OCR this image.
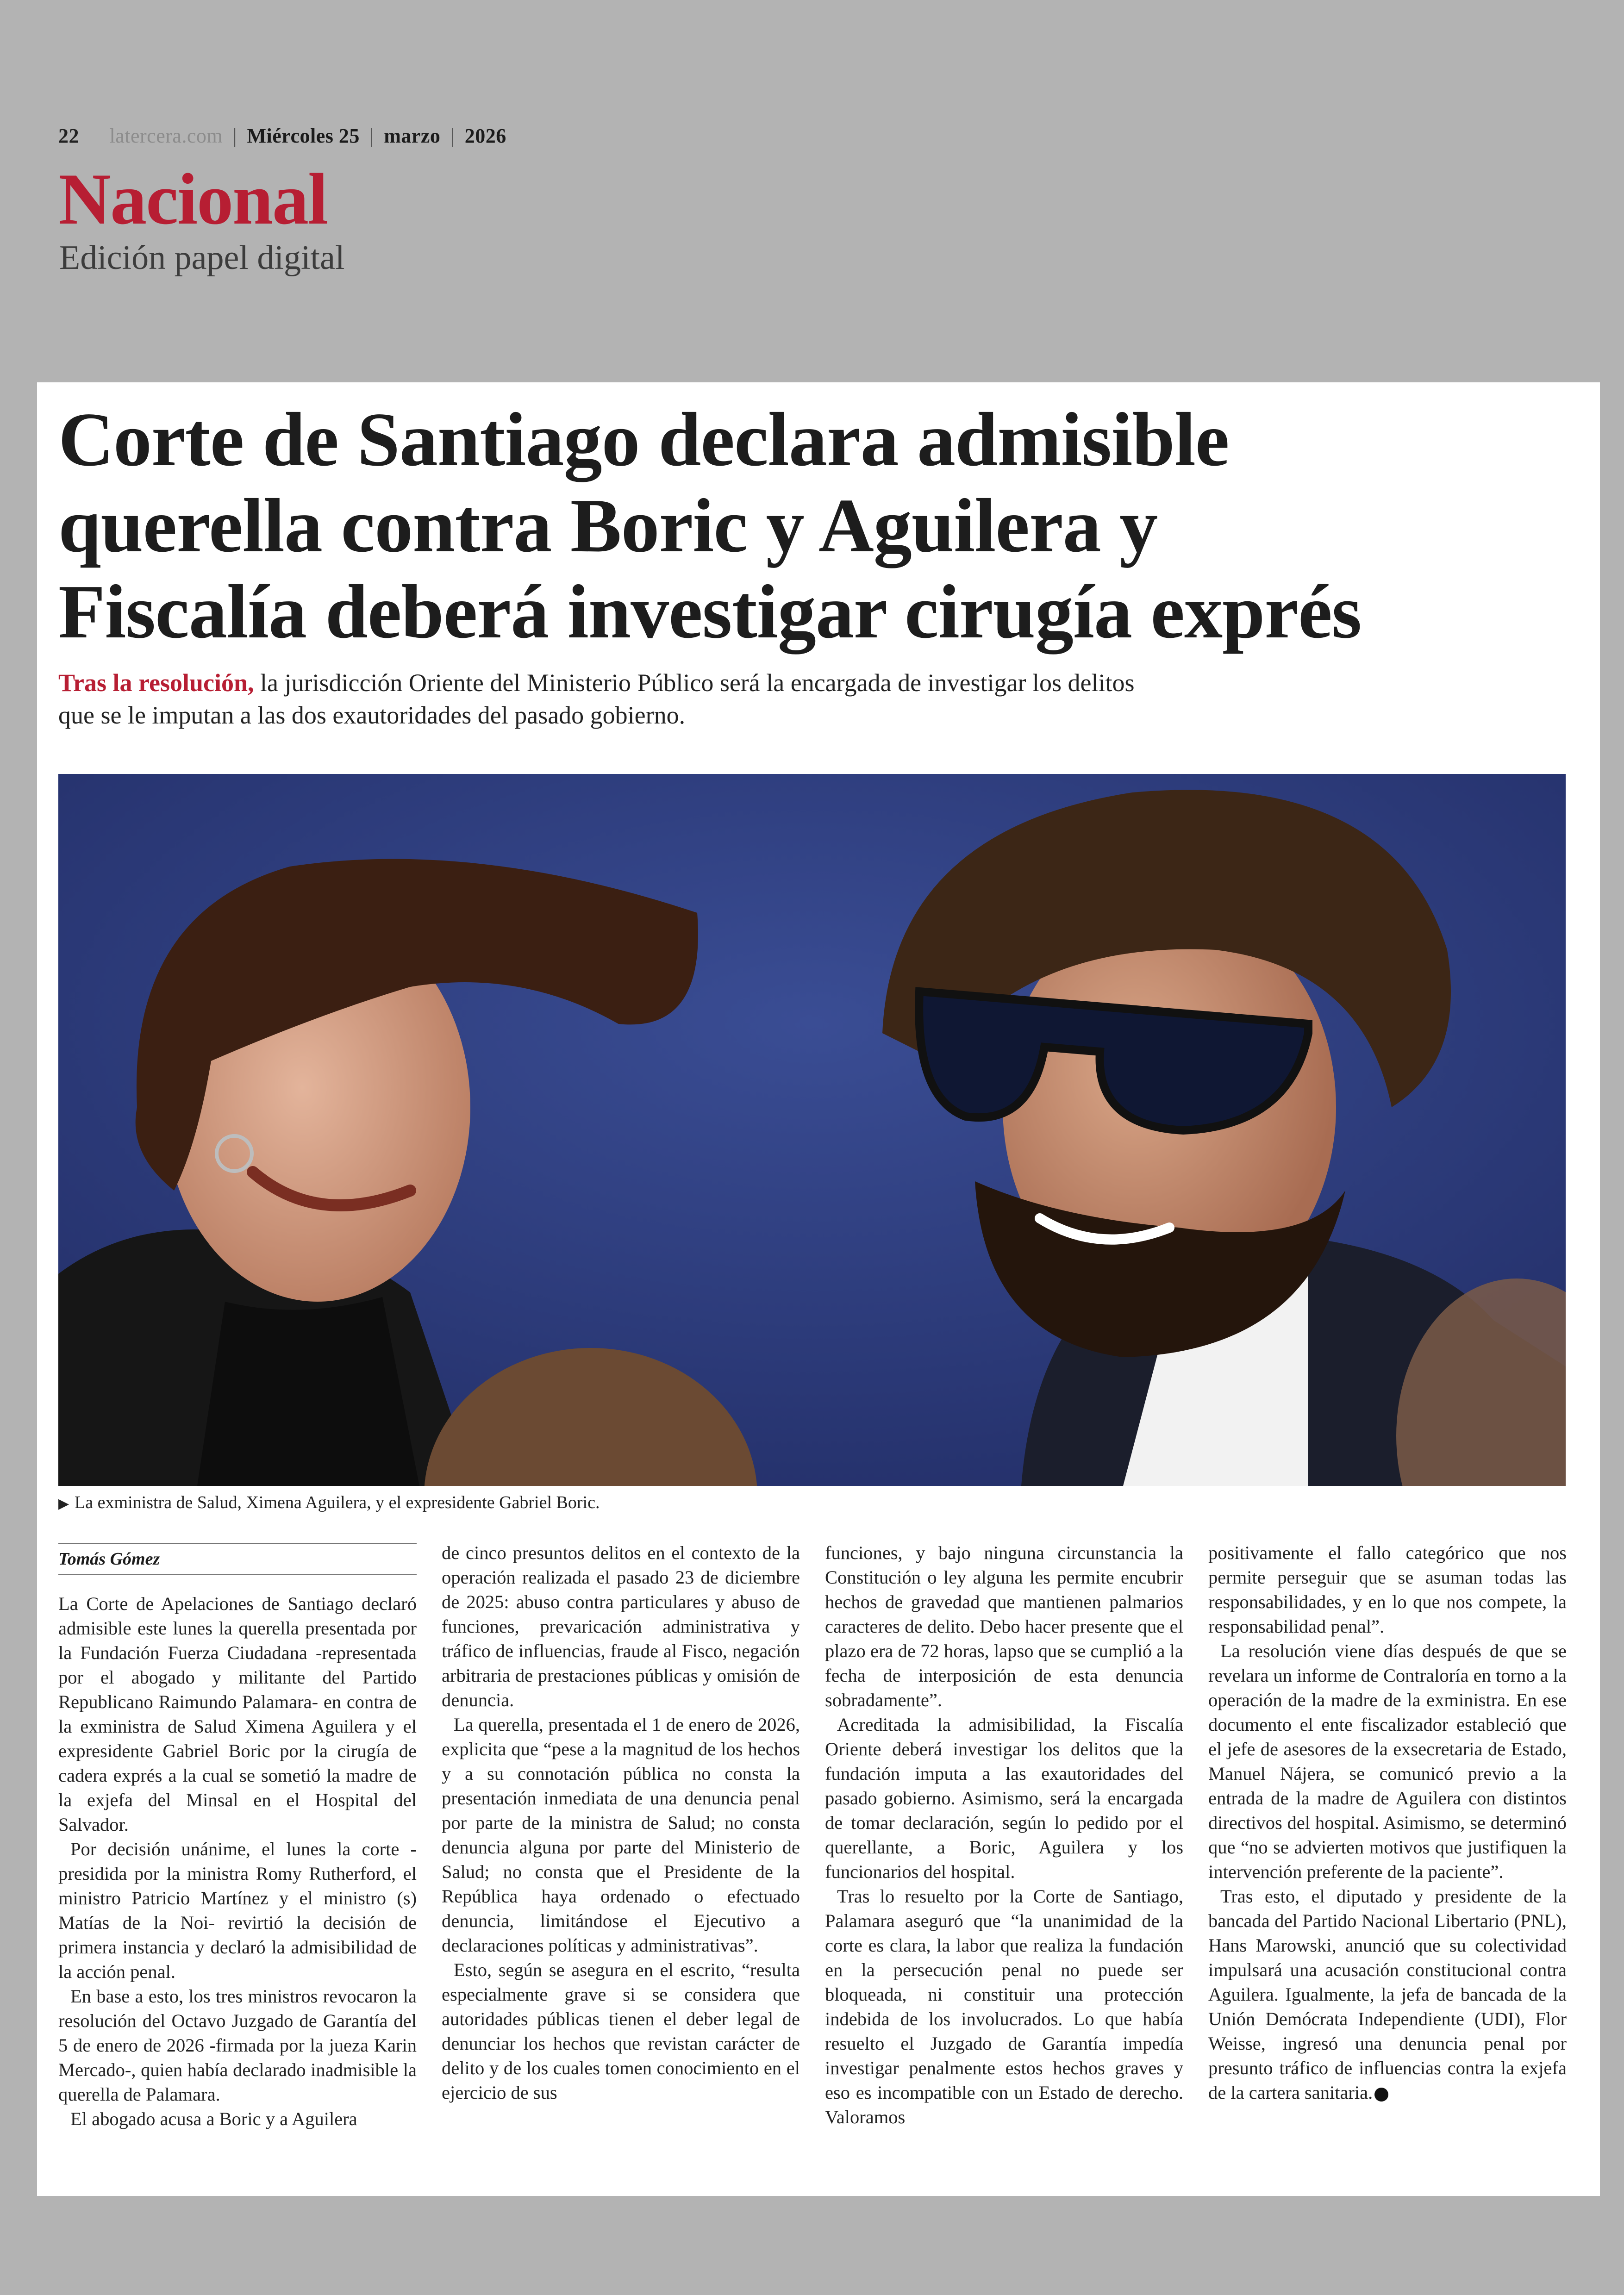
22 latercera.com | Miércoles 25 | marzo | 2026
Nacional
Edición papel digital
Corte de Santiago declara admisible
querella contra Boric y Aguilera y
Fiscalía deberá investigar cirugía exprés

Tras la resolución, la jurisdicción Oriente del Ministerio Público será la encargada de investigar los delitos que se le imputan a las dos exautoridades del pasado gobierno.

▶ La exministra de Salud, Ximena Aguilera, y el expresidente Gabriel Boric.
Tomás Gómez

La Corte de Apelaciones de Santiago declaró admisible este lunes la querella presentada por la Fundación Fuerza Ciudadana -representada por el abogado y militante del Partido Republicano Raimundo Palamara- en contra de la exministra de Salud Ximena Aguilera y el expresidente Gabriel Boric por la cirugía de cadera exprés a la cual se sometió la madre de la exjefa del Minsal en el Hospital del Salvador.

Por decisión unánime, el lunes la corte -presidida por la ministra Romy Rutherford, el ministro Patricio Martínez y el ministro (s) Matías de la Noi- revirtió la decisión de primera instancia y declaró la admisibilidad de la acción penal.

En base a esto, los tres ministros revocaron la resolución del Octavo Juzgado de Garantía del 5 de enero de 2026 -firmada por la jueza Karin Mercado-, quien había declarado inadmisible la querella de Palamara.

El abogado acusa a Boric y a Aguilera

de cinco presuntos delitos en el contexto de la operación realizada el pasado 23 de diciembre de 2025: abuso contra particulares y abuso de funciones, prevaricación administrativa y tráfico de influencias, fraude al Fisco, negación arbitraria de prestaciones públicas y omisión de denuncia.

La querella, presentada el 1 de enero de 2026, explicita que “pese a la magnitud de los hechos y a su connotación pública no consta la presentación inmediata de una denuncia penal por parte de la ministra de Salud; no consta denuncia alguna por parte del Ministerio de Salud; no consta que el Presidente de la República haya ordenado o efectuado denuncia, limitándose el Ejecutivo a declaraciones políticas y administrativas”.

Esto, según se asegura en el escrito, “resulta especialmente grave si se considera que autoridades públicas tienen el deber legal de denunciar los hechos que revistan carácter de delito y de los cuales tomen conocimiento en el ejercicio de sus

funciones, y bajo ninguna circunstancia la Constitución o ley alguna les permite encubrir hechos de gravedad que mantienen palmarios caracteres de delito. Debo hacer presente que el plazo era de 72 horas, lapso que se cumplió a la fecha de interposición de esta denuncia sobradamente”.

Acreditada la admisibilidad, la Fiscalía Oriente deberá investigar los delitos que la fundación imputa a las exautoridades del pasado gobierno. Asimismo, será la encargada de tomar declaración, según lo pedido por el querellante, a Boric, Aguilera y los funcionarios del hospital.

Tras lo resuelto por la Corte de Santiago, Palamara aseguró que “la unanimidad de la corte es clara, la labor que realiza la fundación en la persecución penal no puede ser bloqueada, ni constituir una protección indebida de los involucrados. Lo que había resuelto el Juzgado de Garantía impedía investigar penalmente estos hechos graves y eso es incompatible con un Estado de derecho. Valoramos

positivamente el fallo categórico que nos permite perseguir que se asuman todas las responsabilidades, y en lo que nos compete, la responsabilidad penal”.

La resolución viene días después de que se revelara un informe de Contraloría en torno a la operación de la madre de la exministra. En ese documento el ente fiscalizador estableció que el jefe de asesores de la exsecretaria de Estado, Manuel Nájera, se comunicó previo a la entrada de la madre de Aguilera con distintos directivos del hospital. Asimismo, se determinó que “no se advierten motivos que justifiquen la intervención preferente de la paciente”.

Tras esto, el diputado y presidente de la bancada del Partido Nacional Libertario (PNL), Hans Marowski, anunció que su colectividad impulsará una acusación constitucional contra Aguilera. Igualmente, la jefa de bancada de la Unión Demócrata Independiente (UDI), Flor Weisse, ingresó una denuncia penal por presunto tráfico de influencias contra la exjefa de la cartera sanitaria.
